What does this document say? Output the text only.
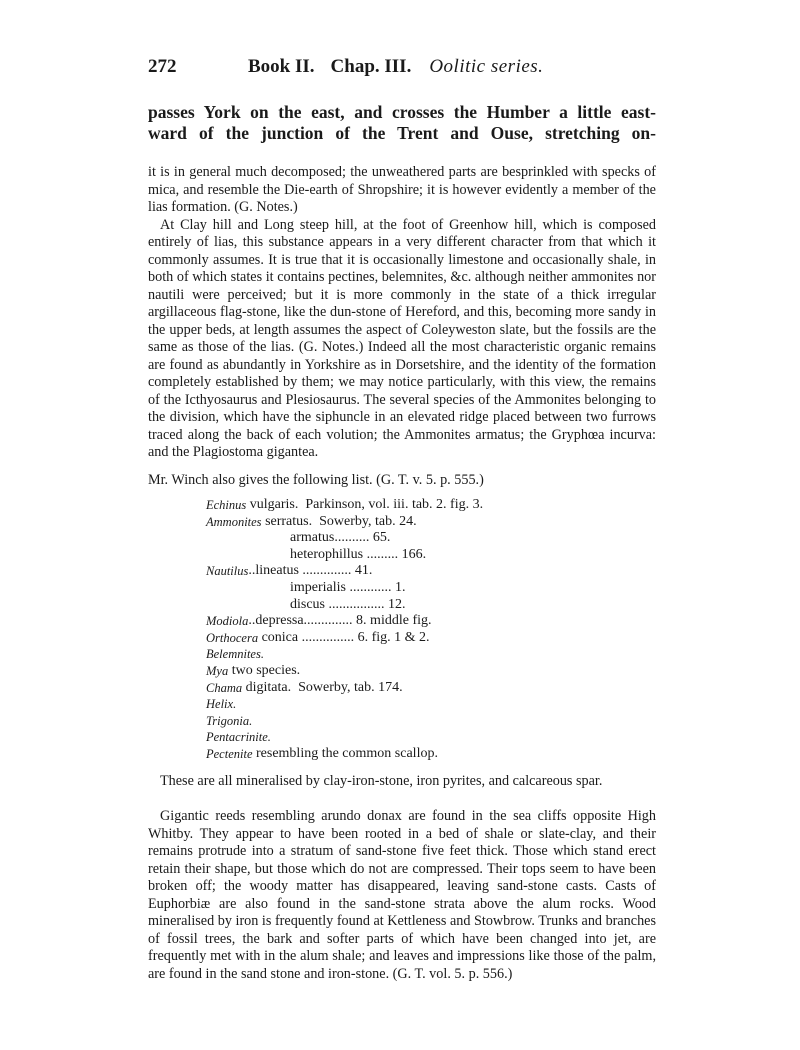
272	Book II. Chap. III. Oolitic series.
passes York on the east, and crosses the Humber a little east-
ward of the junction of the Trent and Ouse, stretching on-

it is in general much decomposed; the unweathered parts are besprinkled with specks of mica, and resemble the Die-earth of Shropshire; it is however evidently a member of the lias formation. (G. Notes.)

At Clay hill and Long steep hill, at the foot of Greenhow hill, which is composed entirely of lias, this substance appears in a very different character from that which it commonly assumes. It is true that it is occasionally limestone and occasionally shale, in both of which states it contains pectines, belemnites, &c. although neither ammonites nor nautili were perceived; but it is more commonly in the state of a thick irregular argillaceous flag-stone, like the dun-stone of Hereford, and this, becoming more sandy in the upper beds, at length assumes the aspect of Coleyweston slate, but the fossils are the same as those of the lias. (G. Notes.) Indeed all the most characteristic organic remains are found as abundantly in Yorkshire as in Dorsetshire, and the identity of the formation completely established by them; we may notice particularly, with this view, the remains of the Icthyosaurus and Plesiosaurus. The several species of the Ammonites belonging to the division, which have the siphuncle in an elevated ridge placed between two furrows traced along the back of each volution; the Ammonites armatus; the Gryphœa incurva: and the Plagiostoma gigantea.

Mr. Winch also gives the following list. (G. T. v. 5. p. 555.)

Echinus vulgaris.  Parkinson, vol. iii. tab. 2. fig. 3.
Ammonites serratus.  Sowerby, tab. 24.
armatus.......... 65.
heterophillus ......... 166.
Nautilus ..lineatus .............. 41.
imperialis ............ 1.
discus ................ 12.
Modiola ..depressa.............. 8. middle fig.
Orthocera conica ............... 6. fig. 1 & 2.
Belemnites.
Mya two species.
Chama digitata.  Sowerby, tab. 174.
Helix.
Trigonia.
Pentacrinite.
Pectenite resembling the common scallop.

These are all mineralised by clay-iron-stone, iron pyrites, and calcareous spar.

Gigantic reeds resembling arundo donax are found in the sea cliffs opposite High Whitby. They appear to have been rooted in a bed of shale or slate-clay, and their remains protrude into a stratum of sand-stone five feet thick. Those which stand erect retain their shape, but those which do not are compressed. Their tops seem to have been broken off; the woody matter has disappeared, leaving sand-stone casts. Casts of Euphorbiæ are also found in the sand-stone strata above the alum rocks. Wood mineralised by iron is frequently found at Kettleness and Stowbrow. Trunks and branches of fossil trees, the bark and softer parts of which have been changed into jet, are frequently met with in the alum shale; and leaves and impressions like those of the palm, are found in the sand stone and iron-stone. (G. T. vol. 5. p. 556.)
